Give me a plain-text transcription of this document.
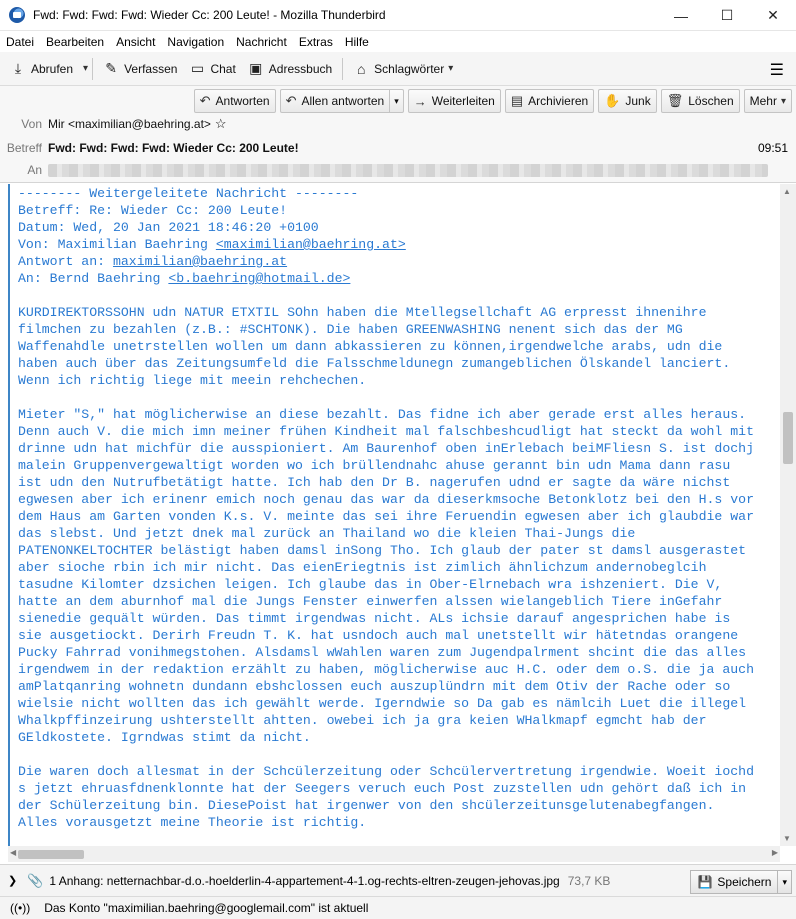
Fwd: Fwd: Fwd: Fwd: Wieder Cc: 200 Leute! - Mozilla Thunderbird	—	☐	✕
Datei Bearbeiten Ansicht Navigation Nachricht Extras Hilfe
⤓ Abrufen ▾ ✎ Verfassen ▭ Chat ▣ Adressbuch ⌂ Schlagwörter ▾	☰
↶ Antworten ↶ Allen antworten	▾	→ Weiterleiten ▤ Archivieren ✋ Junk 🗑 Löschen Mehr ▾
Von Mir <maximilian@baehring.at> ☆
Betreff Fwd: Fwd: Fwd: Fwd: Wieder Cc: 200 Leute!	09:51
An
-------- Weitergeleitete Nachricht --------
Betreff: Re: Wieder Cc: 200 Leute!
Datum: Wed, 20 Jan 2021 18:46:20 +0100
Von: Maximilian Baehring <maximilian@baehring.at>
Antwort an: maximilian@baehring.at
An: Bernd Baehring <b.baehring@hotmail.de>
KURDIREKTORSSOHN udn NATUR ETXTIL SOhn haben die Mtellegsellchaft AG erpresst ihnenihre
filmchen zu bezahlen (z.B.: #SCHTONK). Die haben GREENWASHING nenent sich das der MG
Waffenahdle unetrstellen wollen um dann abkassieren zu können,irgendwelche arabs, udn die
haben auch über das Zeitungsumfeld die Falsschmeldunegn zumangeblichen Ölskandel lanciert.
Wenn ich richtig liege mit meein rehchechen.
Mieter "S," hat möglicherwise an diese bezahlt. Das fidne ich aber gerade erst alles heraus.
Denn auch V. die mich imn meiner frühen Kindheit mal falschbeshcudligt hat steckt da wohl mit
drinne udn hat michfür die ausspioniert. Am Baurenhof oben inErlebach beiMFliesn S. ist dochj
malein Gruppenvergewaltigt worden wo ich brüllendnahc ahuse gerannt bin udn Mama dann rasu
ist udn den Nutrufbetätigt hatte. Ich hab den Dr B. nagerufen udnd er sagte da wäre nichst
egwesen aber ich erinenr emich noch genau das war da dieserkmsoche Betonklotz bei den H.s vor
dem Haus am Garten vonden K.s. V. meinte das sei ihre Feruendin egwesen aber ich glaubdie war
das slebst. Und jetzt dnek mal zurück an Thailand wo die kleien Thai-Jungs die
PATENONKELTOCHTER belästigt haben damsl inSong Tho. Ich glaub der pater st damsl ausgerastet
aber sioche rbin ich mir nicht. Das eienEriegtnis ist zimlich ähnlichzum andernobeglcih
tasudne Kilomter dzsichen leigen. Ich glaube das in Ober-Elrnebach wra ishzeniert. Die V,
hatte an dem aburnhof mal die Jungs Fenster einwerfen alssen wielangeblich Tiere inGefahr
sienedie gequält würden. Das timmt irgendwas nicht. ALs ichsie darauf angesprichen habe is
sie ausgetiockt. Derirh Freudn T. K. hat usndoch auch mal unetstellt wir hätetndas orangene
Pucky Fahrrad vonihmegstohen. Alsdamsl wWahlen waren zum Jugendpalrment shcint die das alles
irgendwem in der redaktion erzählt zu haben, möglicherwise auc H.C. oder dem o.S. die ja auch
amPlatqanring wohnetn dundann ebshclossen euch auszuplündrn mit dem Otiv der Rache oder so
wielsie nicht wollten das ich gewählt werde. Igerndwie so Da gab es nämlcih Luet die illegel
Whalkpffinzeirung ushterstellt ahtten. owebei ich ja gra keien WHalkmapf egmcht hab der
GEldkostete. Igrndwas stimt da nicht.
Die waren doch allesmat in der Schcülerzeitung oder Schcülervertretung irgendwie. Woeit iochd
s jetzt ehruasfdnenklonnte hat der Seegers veruch euch Post zuzstellen udn gehört daß ich in
der Schülerzeitung bin. DiesePoist hat irgenwer von den shcülerzeitunsgelutenabegfangen.
Alles vorausgetzt meine Theorie ist richtig.
▲
▼
◀	▶
❯ 📎 1 Anhang: netternachbar-d.o.-hoelderlin-4-appartement-4-1.og-rechts-eltren-zeugen-jehovas.jpg 73,7 KB	💾 Speichern	▾
((•)) Das Konto "maximilian.baehring@googlemail.com" ist aktuell
